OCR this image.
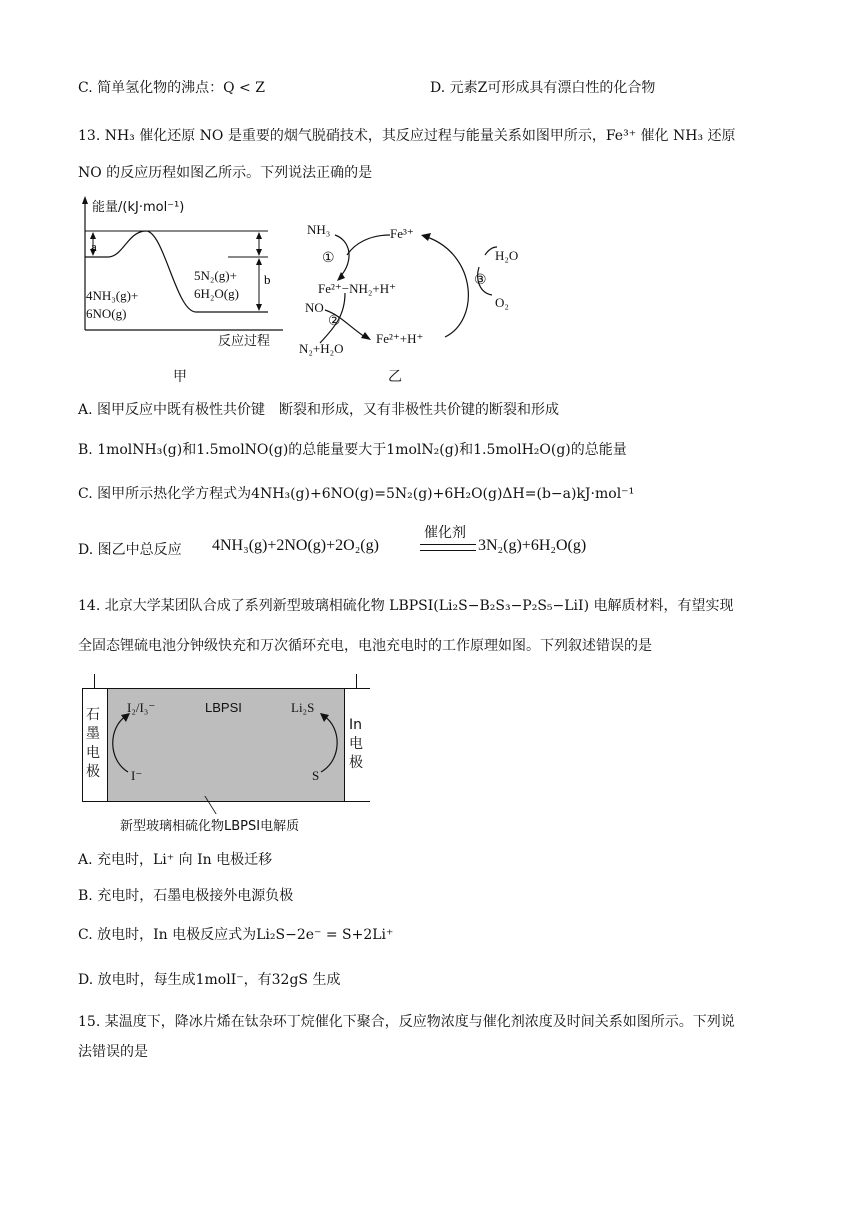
C. 简单氢化物的沸点：Q < Z	D. 元素Z可形成具有漂白性的化合物
13. NH₃ 催化还原 NO 是重要的烟气脱硝技术，其反应过程与能量关系如图甲所示，Fe³⁺ 催化 NH₃ 还原
NO 的反应历程如图乙所示。下列说法正确的是
a
b
能量/(kJ·mol⁻¹)
4NH₃(g)+
6NO(g)
5N₂(g)+
6H₂O(g)
反应过程
甲
NH₃	Fe³⁺
①
Fe²⁺−NH₂+H⁺
NO
②
Fe²⁺+H⁺
N₂+H₂O
H₂O
③
O₂
乙
A. 图甲反应中既有极性共价键　断裂和形成，又有非极性共价键的断裂和形成
B. 1molNH₃(g)和1.5molNO(g)的总能量要大于1molN₂(g)和1.5molH₂O(g)的总能量
C. 图甲所示热化学方程式为4NH₃(g)+6NO(g)=5N₂(g)+6H₂O(g)ΔH=(b−a)kJ·mol⁻¹
D. 图乙中总反应 4NH₃(g)+2NO(g)+2O₂(g)
催化剂
3N₂(g)+6H₂O(g)
14. 北京大学某团队合成了系列新型玻璃相硫化物 LBPSI(Li₂S−B₂S₃−P₂S₅−LiI) 电解质材料，有望实现
全固态锂硫电池分钟级快充和万次循环充电，电池充电时的工作原理如图。下列叙述错误的是
石墨电极
In电极
I₂/I₃⁻	LBPSI	Li₂S
I⁻	S
新型玻璃相硫化物LBPSI电解质
A. 充电时，Li⁺ 向 In 电极迁移
B. 充电时，石墨电极接外电源负极
C. 放电时，In 电极反应式为Li₂S−2e⁻ = S+2Li⁺
D. 放电时，每生成1molI⁻，有32gS 生成
15. 某温度下，降冰片烯在钛杂环丁烷催化下聚合，反应物浓度与催化剂浓度及时间关系如图所示。下列说
法错误的是
